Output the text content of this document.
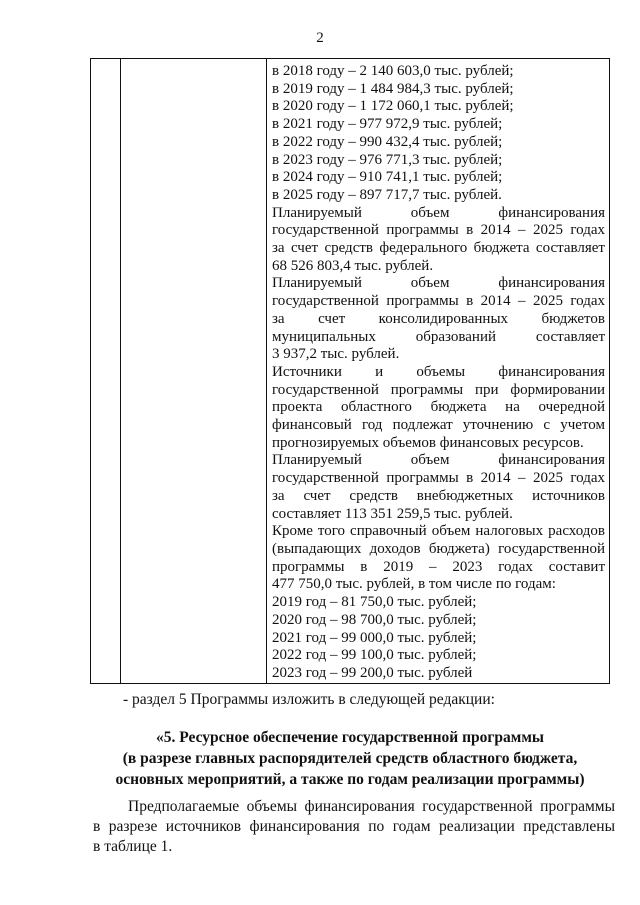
2

в 2018 году – 2 140 603,0 тыс. рублей;
в 2019 году – 1 484 984,3 тыс. рублей;
в 2020 году – 1 172 060,1 тыс. рублей;
в 2021 году – 977 972,9 тыс. рублей;
в 2022 году – 990 432,4 тыс. рублей;
в 2023 году – 976 771,3 тыс. рублей;
в 2024 году – 910 741,1 тыс. рублей;
в 2025 году – 897 717,7 тыс. рублей.
Планируемый объем финансирования
государственной программы в 2014 – 2025 годах
за счет средств федерального бюджета составляет
68 526 803,4 тыс. рублей.
Планируемый объем финансирования
государственной программы в 2014 – 2025 годах
за счет консолидированных бюджетов
муниципальных образований составляет
3 937,2 тыс. рублей.
Источники и объемы финансирования
государственной программы при формировании
проекта областного бюджета на очередной
финансовый год подлежат уточнению с учетом
прогнозируемых объемов финансовых ресурсов.
Планируемый объем финансирования
государственной программы в 2014 – 2025 годах
за счет средств внебюджетных источников
составляет 113 351 259,5 тыс. рублей.
Кроме того справочный объем налоговых расходов
(выпадающих доходов бюджета) государственной
программы в 2019 – 2023 годах составит
477 750,0 тыс. рублей, в том числе по годам:
2019 год – 81 750,0 тыс. рублей;
2020 год – 98 700,0 тыс. рублей;
2021 год – 99 000,0 тыс. рублей;
2022 год – 99 100,0 тыс. рублей;
2023 год – 99 200,0 тыс. рублей
- раздел 5 Программы изложить в следующей редакции:
«5. Ресурсное обеспечение государственной программы
(в разрезе главных распорядителей средств областного бюджета,
основных мероприятий, а также по годам реализации программы)
Предполагаемые объемы финансирования государственной программы
в разрезе источников финансирования по годам реализации представлены
в таблице 1.
